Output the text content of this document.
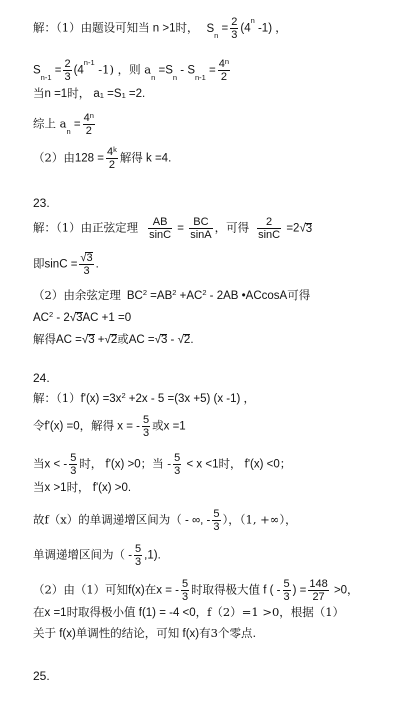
解：（1）由题设可知当 n >1时， $S_n = \frac{2}{3} (4^n$ -1) ，
$S_{n-1} = \frac{2}{3} (4^{n-1}$ -1) ，则 $a_n =S_n - S_{n-1} = \frac{4^n}{2}$
当n =1时， $a_1 =S_1 =2$.
综上 $a_n = \frac{4^n}{2}$
（2）由$128 = \frac{4^k}{2}$ 解得 k =4.
23.
解：（1）由正弦定理 $\frac{AB}{\sin C} = \frac{BC}{\sin A}$ ，可得 $\frac{2}{\sin C} =2√3$
即$\sin C = \frac{√3}{3}$ .
（2）由余弦定理 $BC^2 =AB^2 +AC^2 - 2AB$ •ACcosA可得
$AC^2 - 2√3AC +1 =0$
解得AC =√3 +√2或AC =√3 - √2.
24.
解：$(1)f'(x) =3x^2 +2x - 5 =(3x +5)$ (x -1) ，
令f'(x) =0，解得 x = - $\frac{5}{3}$ 或x =1
当x < - $\frac{5}{3}$ 时， f'(x) >0；当 - $\frac{5}{3} < x <1$时， f'(x) <0；
当x >1时， f'(x) >0.
故f（x）的单调递增区间为（ - ∞, - $\frac{5}{3}$ ），（1, +∞），
单调递增区间为（ - $\frac{5}{3} ,1$).
（2）由（1）可知f(x)在x = - $\frac{5}{3}$ 时取得极大值 f ( - $\frac{5}{3}$ ) = $\frac{148}{27} >0$，
在x =1时取得极小值 f(1) = -4 <0，f（2）=1 >0，根据（1）
关于 f(x)单调性的结论，可知 f(x)有3个零点.
25.
